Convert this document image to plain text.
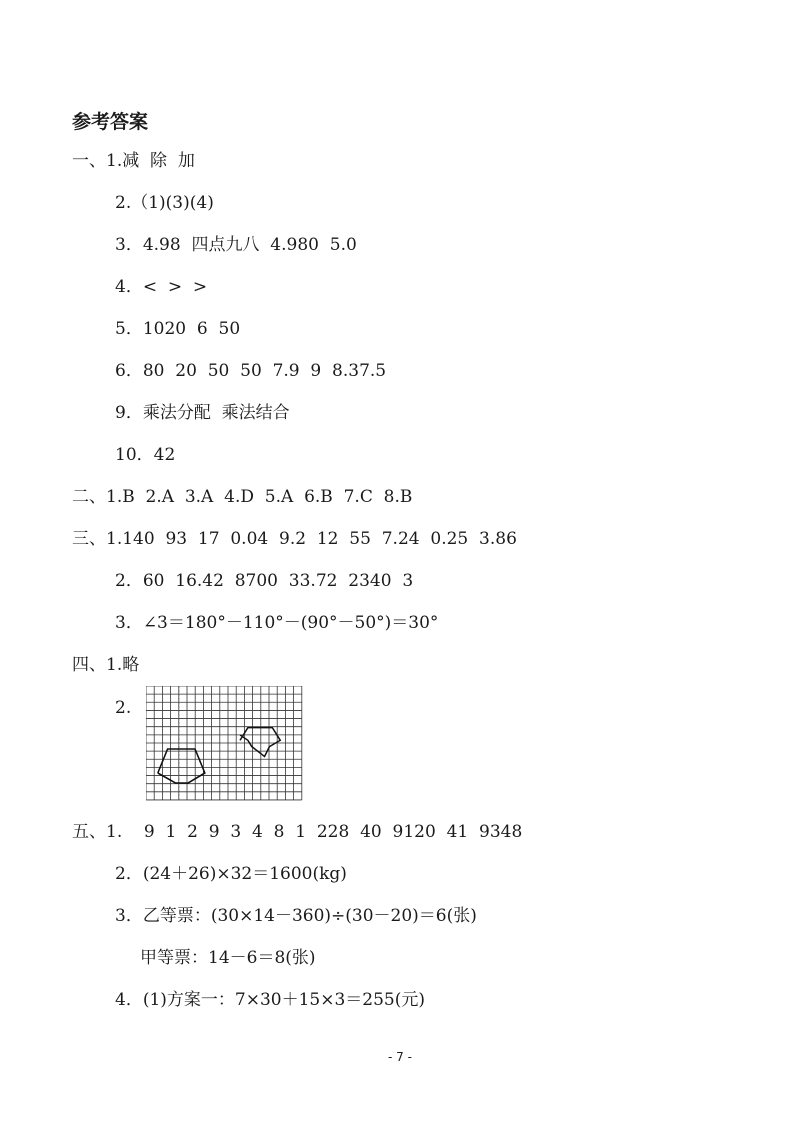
参考答案
一、1.减  除  加
2.（1)(3)(4)
3．4.98  四点九八  4.980  5.0
4．<  >  >
5．1020  6  50
6．80  20  50  50  7.9  9  8.37.5
9．乘法分配  乘法结合
10．42
二、1.B  2.A  3.A  4.D  5.A  6.B  7.C  8.B
三、1.140  93  17  0.04  9.2  12  55  7.24  0.25  3.86
2．60  16.42  8700  33.72  2340  3
3．∠3＝180°－110°－(90°－50°)＝30°
四、1.略
2.
五、1.    9  1  2  9  3  4  8  1  228  40  9120  41  9348
2．(24＋26)×32＝1600(kg)
3．乙等票：(30×14－360)÷(30－20)＝6(张)
甲等票：14－6＝8(张)
4．(1)方案一：7×30＋15×3＝255(元)
- 7 -
